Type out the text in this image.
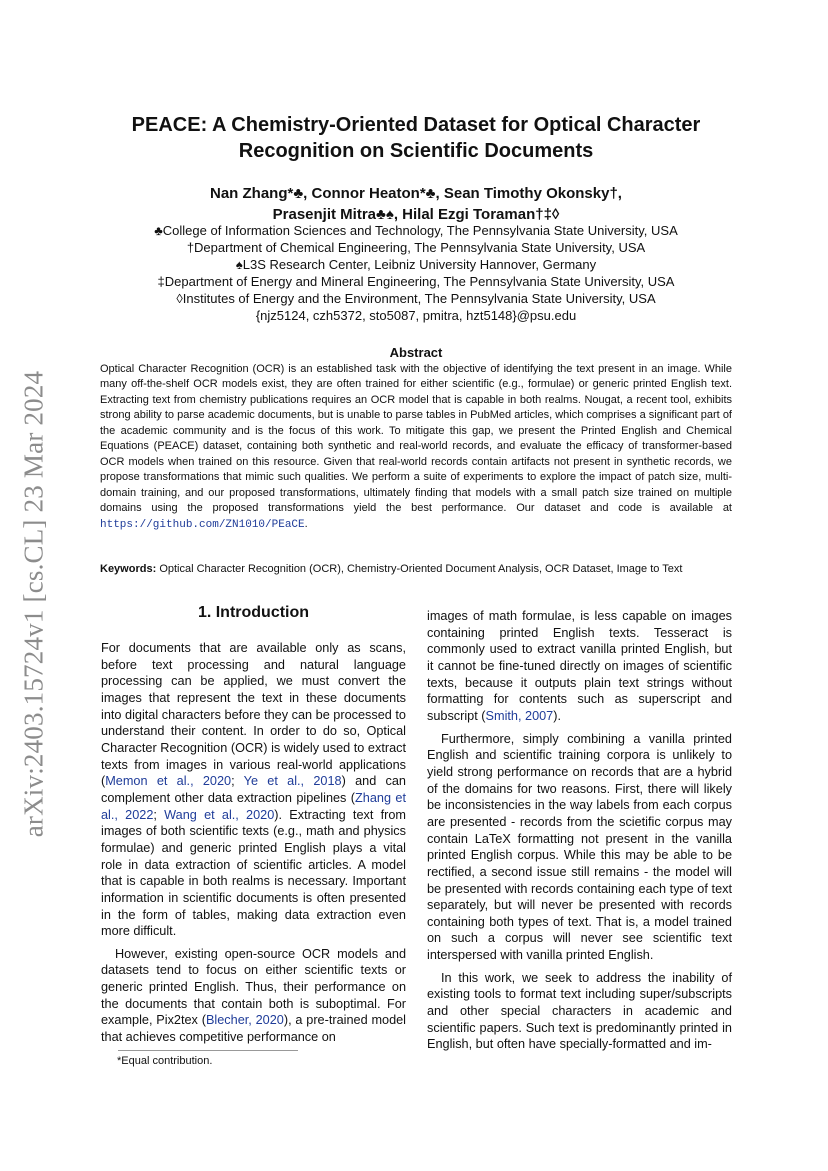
arXiv:2403.15724v1 [cs.CL] 23 Mar 2024
PEACE: A Chemistry-Oriented Dataset for Optical Character
Recognition on Scientific Documents
Nan Zhang*♣, Connor Heaton*♣, Sean Timothy Okonsky†,
Prasenjit Mitra♣♠, Hilal Ezgi Toraman†‡◊
♣College of Information Sciences and Technology, The Pennsylvania State University, USA
†Department of Chemical Engineering, The Pennsylvania State University, USA
♠L3S Research Center, Leibniz University Hannover, Germany
‡Department of Energy and Mineral Engineering, The Pennsylvania State University, USA
◊Institutes of Energy and the Environment, The Pennsylvania State University, USA
{njz5124, czh5372, sto5087, pmitra, hzt5148}@psu.edu
Abstract
Optical Character Recognition (OCR) is an established task with the objective of identifying the text present in an image. While many off-the-shelf OCR models exist, they are often trained for either scientific (e.g., formulae) or generic printed English text. Extracting text from chemistry publications requires an OCR model that is capable in both realms. Nougat, a recent tool, exhibits strong ability to parse academic documents, but is unable to parse tables in PubMed articles, which comprises a significant part of the academic community and is the focus of this work. To mitigate this gap, we present the Printed English and Chemical Equations (PEACE) dataset, containing both synthetic and real-world records, and evaluate the efficacy of transformer-based OCR models when trained on this resource. Given that real-world records contain artifacts not present in synthetic records, we propose transformations that mimic such qualities. We perform a suite of experiments to explore the impact of patch size, multi-domain training, and our proposed transformations, ultimately finding that models with a small patch size trained on multiple domains using the proposed transformations yield the best performance. Our dataset and code is available at https://github.com/ZN1010/PEaCE.
Keywords: Optical Character Recognition (OCR), Chemistry-Oriented Document Analysis, OCR Dataset, Image to Text
1. Introduction

For documents that are available only as scans, before text processing and natural language processing can be applied, we must convert the images that represent the text in these documents into digital characters before they can be processed to understand their content. In order to do so, Optical Character Recognition (OCR) is widely used to extract texts from images in various real-world applications (Memon et al., 2020; Ye et al., 2018) and can complement other data extraction pipelines (Zhang et al., 2022; Wang et al., 2020). Extracting text from images of both scientific texts (e.g., math and physics formulae) and generic printed English plays a vital role in data extraction of scientific articles. A model that is capable in both realms is necessary. Important information in scientific documents is often presented in the form of tables, making data extraction even more difficult.

However, existing open-source OCR models and datasets tend to focus on either scientific texts or generic printed English. Thus, their performance on the documents that contain both is suboptimal. For example, Pix2tex (Blecher, 2020), a pre-trained model that achieves competitive performance on

images of math formulae, is less capable on images containing printed English texts. Tesseract is commonly used to extract vanilla printed English, but it cannot be fine-tuned directly on images of scientific texts, because it outputs plain text strings without formatting for contents such as superscript and subscript (Smith, 2007).

Furthermore, simply combining a vanilla printed English and scientific training corpora is unlikely to yield strong performance on records that are a hybrid of the domains for two reasons. First, there will likely be inconsistencies in the way labels from each corpus are presented - records from the scietific corpus may contain LaTeX formatting not present in the vanilla printed English corpus. While this may be able to be rectified, a second issue still remains - the model will be presented with records containing each type of text separately, but will never be presented with records containing both types of text. That is, a model trained on such a corpus will never see scientific text interspersed with vanilla printed English.

In this work, we seek to address the inability of existing tools to format text including super/subscripts and other special characters in academic and scientific papers. Such text is predominantly printed in English, but often have specially-formatted and im-

*Equal contribution.
